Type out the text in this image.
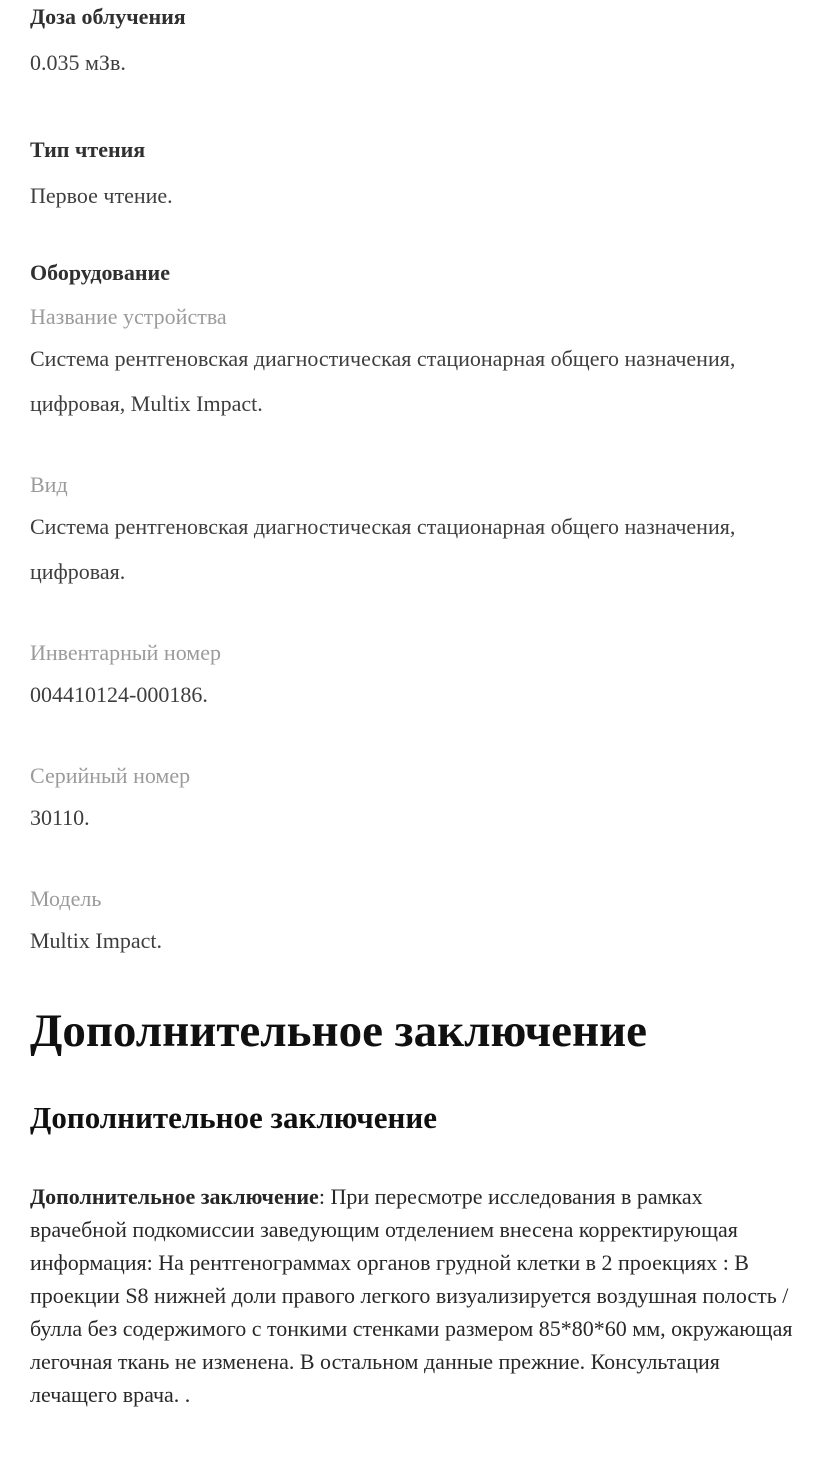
Доза облучения

0.035 мЗв.

Тип чтения

Первое чтение.

Оборудование

Название устройства

Система рентгеновская диагностическая стационарная общего назначения, цифровая, Multix Impact.

Вид

Система рентгеновская диагностическая стационарная общего назначения, цифровая.

Инвентарный номер

004410124-000186.

Серийный номер

30110.

Модель

Multix Impact.

Дополнительное заключение
Дополнительное заключение

Дополнительное заключение: При пересмотре исследования в рамках врачебной подкомиссии заведующим отделением внесена корректирующая информация: На рентгенограммах органов грудной клетки в 2 проекциях : В проекции S8 нижней доли правого легкого визуализируется воздушная полость / булла без содержимого с тонкими стенками размером 85*80*60 мм, окружающая легочная ткань не изменена. В остальном данные прежние. Консультация лечащего врача. .
